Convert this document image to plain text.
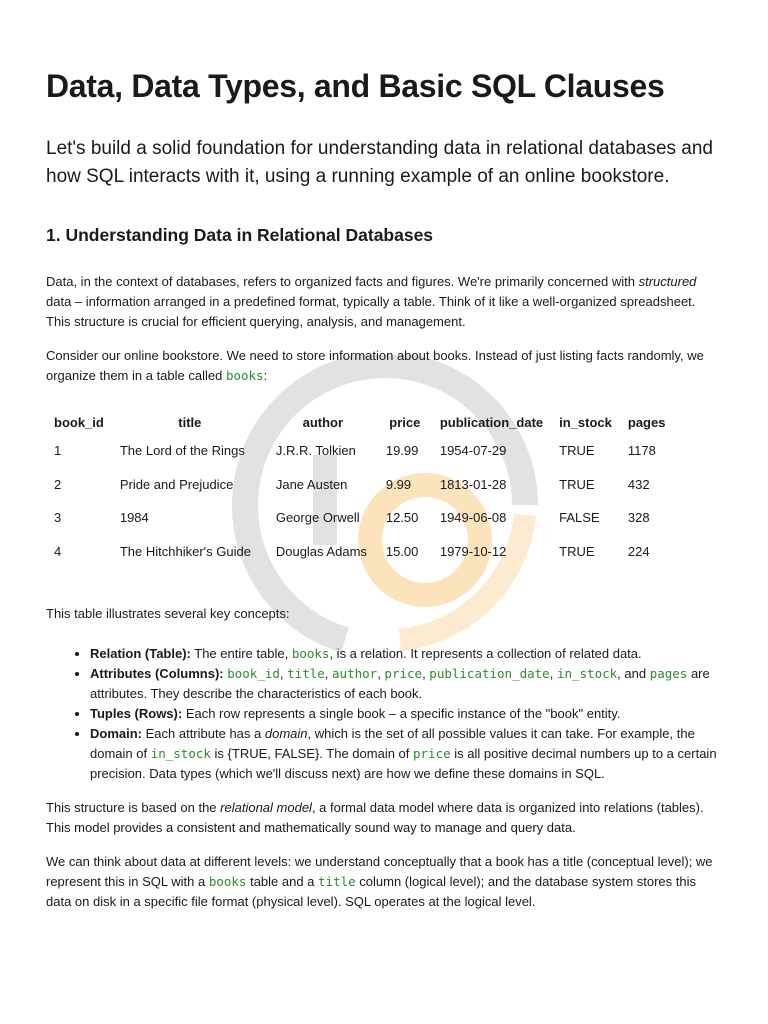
Data, Data Types, and Basic SQL Clauses

Let's build a solid foundation for understanding data in relational databases and how SQL interacts with it, using a running example of an online bookstore.

1. Understanding Data in Relational Databases

Data, in the context of databases, refers to organized facts and figures. We're primarily concerned with structured data – information arranged in a predefined format, typically a table. Think of it like a well-organized spreadsheet. This structure is crucial for efficient querying, analysis, and management.

Consider our online bookstore. We need to store information about books. Instead of just listing facts randomly, we organize them in a table called books:

book_id	title	author	price	publication_date	in_stock	pages
1	The Lord of the Rings	J.R.R. Tolkien	19.99	1954-07-29	TRUE	1178
2	Pride and Prejudice	Jane Austen	9.99	1813-01-28	TRUE	432
3	1984	George Orwell	12.50	1949-06-08	FALSE	328
4	The Hitchhiker's Guide	Douglas Adams	15.00	1979-10-12	TRUE	224

This table illustrates several key concepts:

• Relation (Table): The entire table, books, is a relation. It represents a collection of related data.
• Attributes (Columns): book_id, title, author, price, publication_date, in_stock, and pages are attributes. They describe the characteristics of each book.
• Tuples (Rows): Each row represents a single book – a specific instance of the "book" entity.
• Domain: Each attribute has a domain, which is the set of all possible values it can take. For example, the domain of in_stock is {TRUE, FALSE}. The domain of price is all positive decimal numbers up to a certain precision. Data types (which we'll discuss next) are how we define these domains in SQL.

This structure is based on the relational model, a formal data model where data is organized into relations (tables). This model provides a consistent and mathematically sound way to manage and query data.

We can think about data at different levels: we understand conceptually that a book has a title (conceptual level); we represent this in SQL with a books table and a title column (logical level); and the database system stores this data on disk in a specific file format (physical level). SQL operates at the logical level.
